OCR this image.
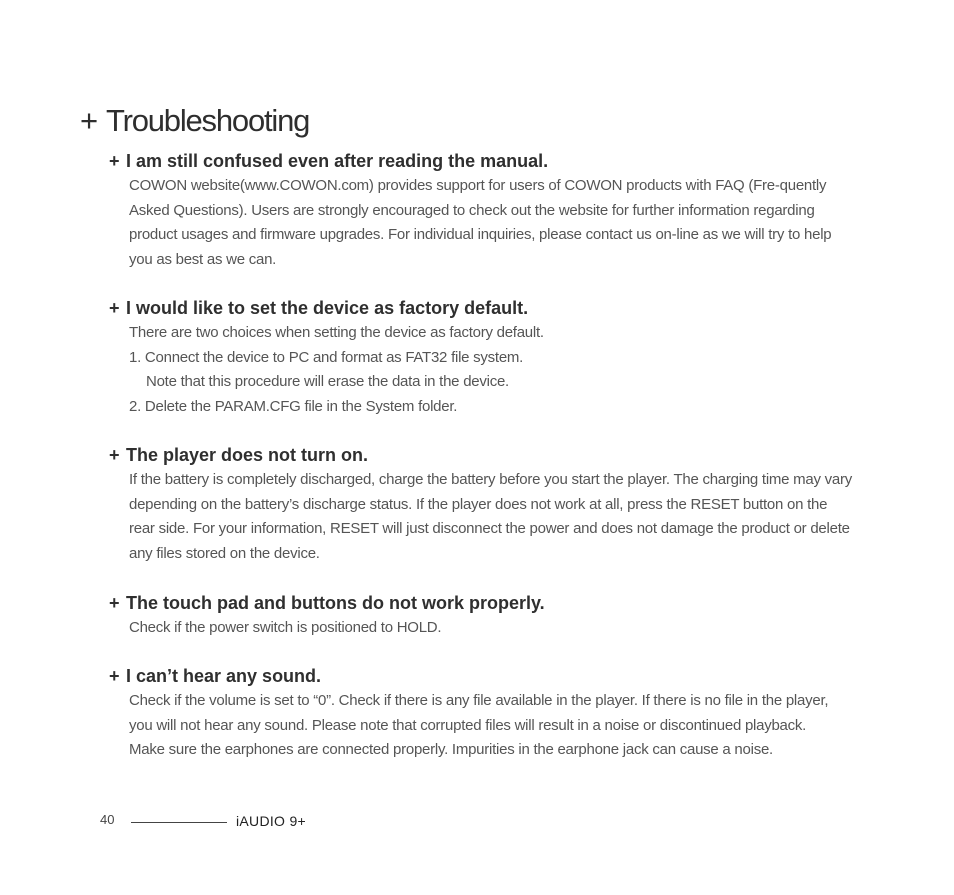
+ Troubleshooting
+ I am still confused even after reading the manual.

COWON website(www.COWON.com) provides support for users of COWON products with FAQ (Fre-quently Asked Questions). Users are strongly encouraged to check out the website for further information regarding product usages and firmware upgrades. For individual inquiries, please contact us on-line as we will try to help you as best as we can.

+ I would like to set the device as factory default.

There are two choices when setting the device as factory default.

1. Connect the device to PC and format as FAT32 file system.

Note that this procedure will erase the data in the device.

2. Delete the PARAM.CFG file in the System folder.

+ The player does not turn on.

If the battery is completely discharged, charge the battery before you start the player. The charging time may vary depending on the battery’s discharge status. If the player does not work at all, press the RESET button on the rear side. For your information, RESET will just disconnect the power and does not damage the product or delete any files stored on the device.

+ The touch pad and buttons do not work properly.

Check if the power switch is positioned to HOLD.

+ I can’t hear any sound.

Check if the volume is set to “0”. Check if there is any file available in the player. If there is no file in the player, you will not hear any sound. Please note that corrupted files will result in a noise or discontinued playback. Make sure the earphones are connected properly. Impurities in the earphone jack can cause a noise.

40	iAUDIO 9+
